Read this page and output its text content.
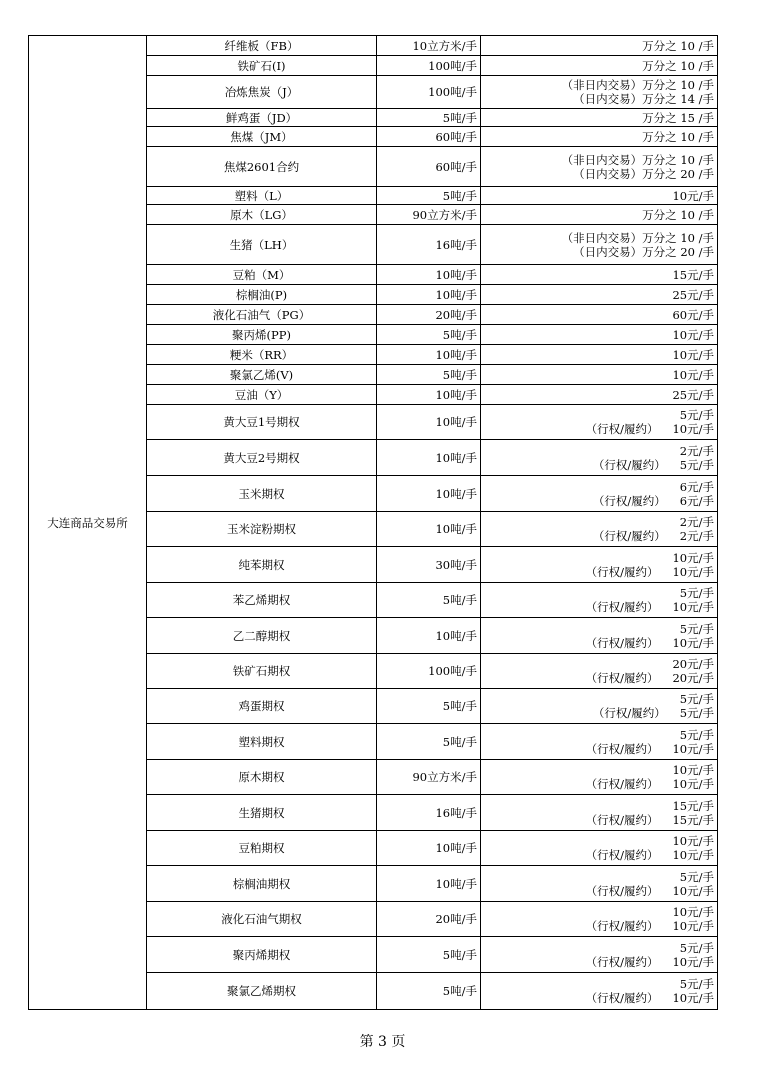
大连商品交易所	纤维板（FB）	10立方米/手	万分之 10 /手

	铁矿石(I)	100吨/手	万分之 10 /手

	冶炼焦炭（J）	100吨/手	（非日内交易）万分之 10 /手
（日内交易）万分之 14 /手

	鲜鸡蛋（JD）	5吨/手	万分之 15 /手

	焦煤（JM）	60吨/手	万分之 10 /手

	焦煤2601合约	60吨/手	（非日内交易）万分之 10 /手
（日内交易）万分之 20 /手

	塑料（L）	5吨/手	10元/手

	原木（LG）	90立方米/手	万分之 10 /手

	生猪（LH）	16吨/手	（非日内交易）万分之 10 /手
（日内交易）万分之 20 /手

	豆粕（M）	10吨/手	15元/手

	棕榈油(P)	10吨/手	25元/手

	液化石油气（PG）	20吨/手	60元/手

	聚丙烯(PP)	5吨/手	10元/手

	粳米（RR）	10吨/手	10元/手

	聚氯乙烯(V)	5吨/手	10元/手

	豆油（Y）	10吨/手	25元/手

	黄大豆1号期权	10吨/手	（行权/履约）
5元/手
10元/手

	黄大豆2号期权	10吨/手	（行权/履约）
2元/手
5元/手

	玉米期权	10吨/手	（行权/履约）
6元/手
6元/手

	玉米淀粉期权	10吨/手	（行权/履约）
2元/手
2元/手

	纯苯期权	30吨/手	（行权/履约）
10元/手
10元/手

	苯乙烯期权	5吨/手	（行权/履约）
5元/手
10元/手

	乙二醇期权	10吨/手	（行权/履约）
5元/手
10元/手

	铁矿石期权	100吨/手	（行权/履约）
20元/手
20元/手

	鸡蛋期权	5吨/手	（行权/履约）
5元/手
5元/手

	塑料期权	5吨/手	（行权/履约）
5元/手
10元/手

	原木期权	90立方米/手	（行权/履约）
10元/手
10元/手

	生猪期权	16吨/手	（行权/履约）
15元/手
15元/手

	豆粕期权	10吨/手	（行权/履约）
10元/手
10元/手

	棕榈油期权	10吨/手	（行权/履约）
5元/手
10元/手

	液化石油气期权	20吨/手	（行权/履约）
10元/手
10元/手

	聚丙烯期权	5吨/手	（行权/履约）
5元/手
10元/手

	聚氯乙烯期权	5吨/手	（行权/履约）
5元/手
10元/手
第 3 页
